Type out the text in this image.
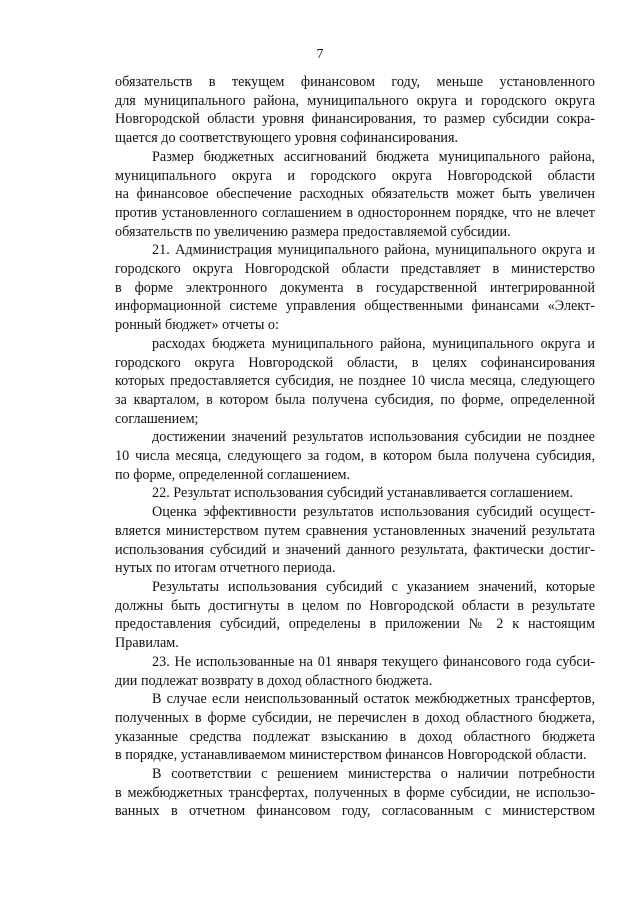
7

обязательств в текущем финансовом году, меньше установленного

для муниципального района, муниципального округа и городского округа

Новгородской области уровня финансирования, то размер субсидии сокра-

щается до соответствующего уровня софинансирования.

Размер бюджетных ассигнований бюджета муниципального района,

муниципального округа и городского округа Новгородской области

на финансовое обеспечение расходных обязательств может быть увеличен

против установленного соглашением в одностороннем порядке, что не влечет

обязательств по увеличению размера предоставляемой субсидии.

21. Администрация муниципального района, муниципального округа и

городского округа Новгородской области представляет в министерство

в форме электронного документа в государственной интегрированной

информационной системе управления общественными финансами «Элект-

ронный бюджет» отчеты о:

расходах бюджета муниципального района, муниципального округа и

городского округа Новгородской области, в целях софинансирования

которых предоставляется субсидия, не позднее 10 числа месяца, следующего

за кварталом, в котором была получена субсидия, по форме, определенной

соглашением;

достижении значений результатов использования субсидии не позднее

10 числа месяца, следующего за годом, в котором была получена субсидия,

по форме, определенной соглашением.

22. Результат использования субсидий устанавливается соглашением.

Оценка эффективности результатов использования субсидий осущест-

вляется министерством путем сравнения установленных значений результата

использования субсидий и значений данного результата, фактически достиг-

нутых по итогам отчетного периода.

Результаты использования субсидий с указанием значений, которые

должны быть достигнуты в целом по Новгородской области в результате

предоставления субсидий, определены в приложении № 2 к настоящим

Правилам.

23. Не использованные на 01 января текущего финансового года субси-

дии подлежат возврату в доход областного бюджета.

В случае если неиспользованный остаток межбюджетных трансфертов,

полученных в форме субсидии, не перечислен в доход областного бюджета,

указанные средства подлежат взысканию в доход областного бюджета

в порядке, устанавливаемом министерством финансов Новгородской области.

В соответствии с решением министерства о наличии потребности

в межбюджетных трансфертах, полученных в форме субсидии, не использо-

ванных в отчетном финансовом году, согласованным с министерством
